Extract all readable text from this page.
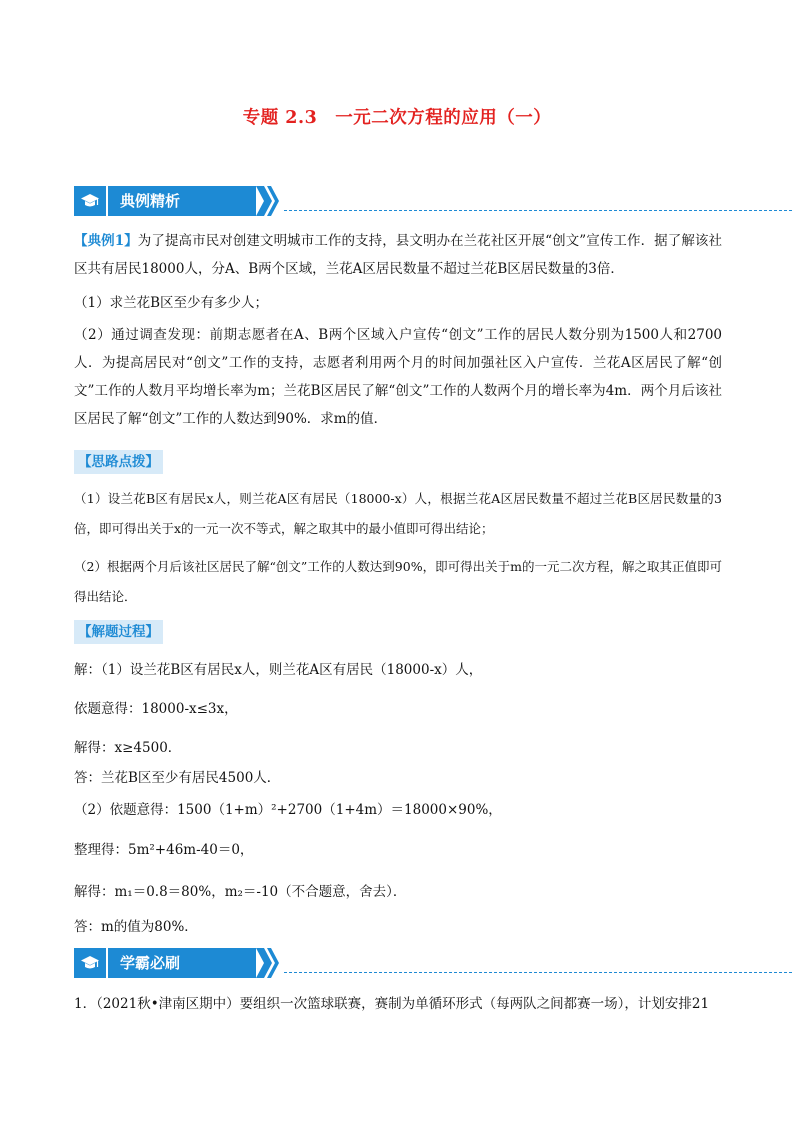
专题 2.3　一元二次方程的应用（一）
典例精析
【典例1】为了提高市民对创建文明城市工作的支持，县文明办在兰花社区开展“创文”宣传工作．据了解该社区共有居民18000人，分A、B两个区域，兰花A区居民数量不超过兰花B区居民数量的3倍．
（1）求兰花B区至少有多少人；
（2）通过调查发现：前期志愿者在A、B两个区域入户宣传“创文”工作的居民人数分别为1500人和2700人．为提高居民对“创文”工作的支持，志愿者利用两个月的时间加强社区入户宣传．兰花A区居民了解“创文”工作的人数月平均增长率为m；兰花B区居民了解“创文”工作的人数两个月的增长率为4m．两个月后该社区居民了解“创文”工作的人数达到90%．求m的值．
【思路点拨】
（1）设兰花B区有居民x人，则兰花A区有居民（18000-x）人，根据兰花A区居民数量不超过兰花B区居民数量的3倍，即可得出关于x的一元一次不等式，解之取其中的最小值即可得出结论；
（2）根据两个月后该社区居民了解“创文”工作的人数达到90%，即可得出关于m的一元二次方程，解之取其正值即可得出结论．
【解题过程】
解：（1）设兰花B区有居民x人，则兰花A区有居民（18000-x）人，
依题意得：18000-x≤3x，
解得：x≥4500．
答：兰花B区至少有居民4500人．
（2）依题意得：1500（1+m）²+2700（1+4m）＝18000×90%，
整理得：5m²+46m-40＝0，
解得：m₁＝0.8＝80%，m₂＝-10（不合题意，舍去）．
答：m的值为80%．
学霸必刷
1．（2021秋•津南区期中）要组织一次篮球联赛，赛制为单循环形式（每两队之间都赛一场），计划安排21
